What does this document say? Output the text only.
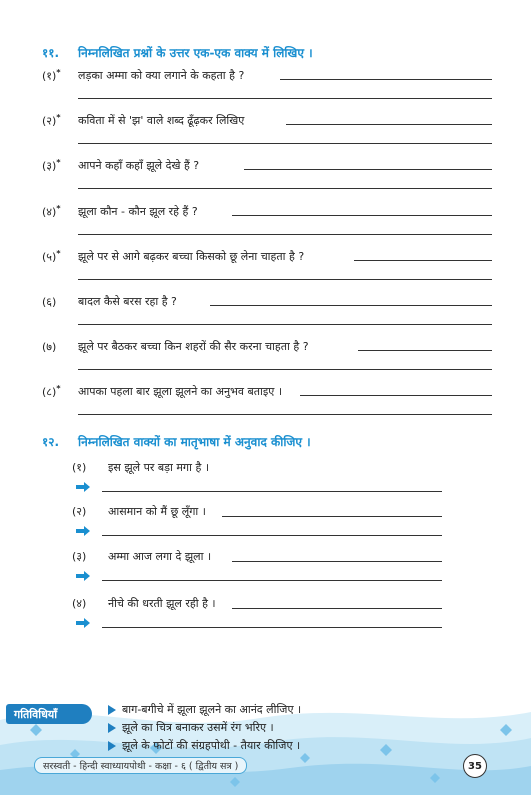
११. निम्नलिखित प्रश्नों के उत्तर एक-एक वाक्य में लिखिए ।
(१)* लड़का अम्मा को क्या लगाने के कहता है ?
(२)* कविता में से 'झ' वाले शब्द ढूँढ़कर लिखिए
(३)* आपने कहाँ कहाँ झूले देखे हैं ?
(४)* झूला कौन - कौन झूल रहे हैं ?
(५)* झूले पर से आगे बढ़कर बच्चा किसको छू लेना चाहता है ?
(६) बादल कैसे बरस रहा है ?
(७) झूले पर बैठकर बच्चा किन शहरों की सैर करना चाहता है ?
(८)* आपका पहला बार झूला झूलने का अनुभव बताइए ।
१२. निम्नलिखित वाक्यों का मातृभाषा में अनुवाद कीजिए ।
(१) इस झूले पर बड़ा मगा है ।
(२) आसमान को मैं छू लूँगा ।
(३) अम्मा आज लगा दे झूला ।
(४) नीचे की धरती झूल रही है ।
गतिविधियाँ	बाग-बगीचे में झूला झूलने का आनंद लीजिए ।
झूले का चित्र बनाकर उसमें रंग भरिए ।
झूले के फोटों की संग्रहपोथी - तैयार कीजिए ।
सरस्वती - हिन्दी स्वाध्यायपोथी - कक्षा - ६ ( द्वितीय सत्र )	35
